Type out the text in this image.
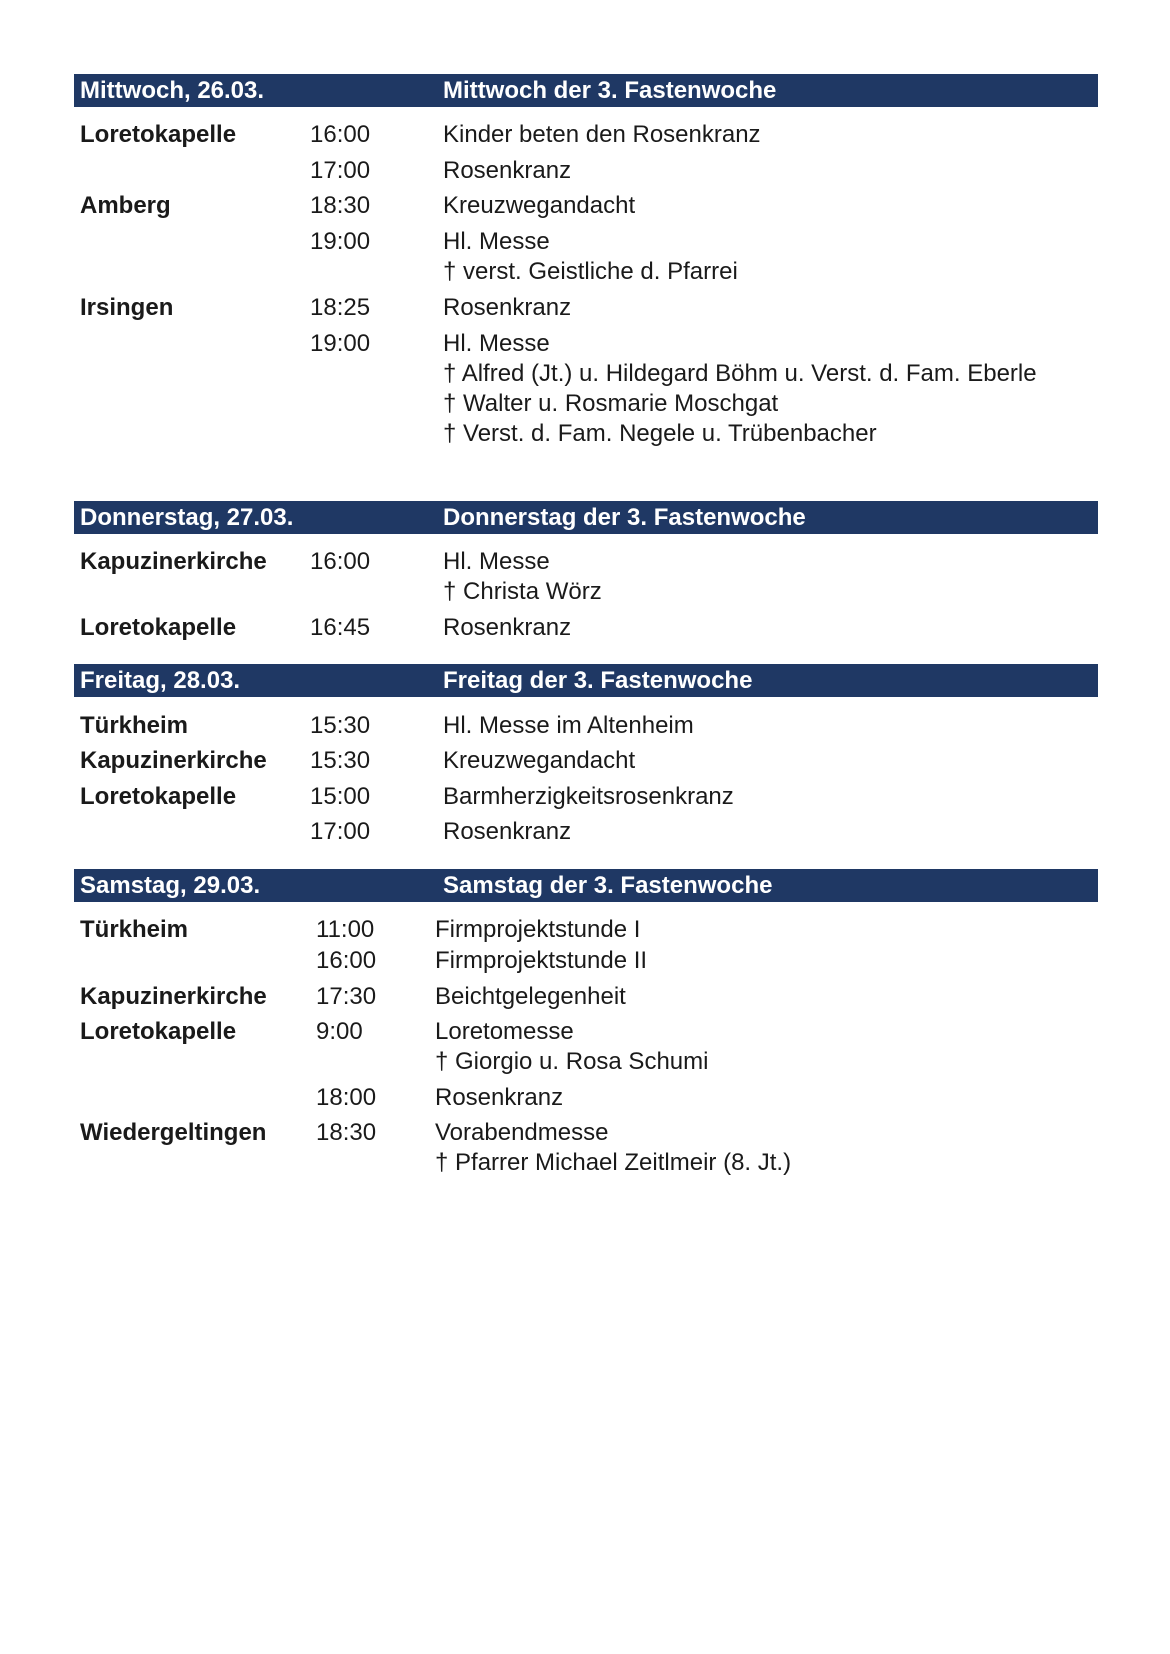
Mittwoch, 26.03.	Mittwoch der 3. Fastenwoche
Loretokapelle	16:00	Kinder beten den Rosenkranz
17:00	Rosenkranz
Amberg	18:30	Kreuzwegandacht
19:00	Hl. Messe
† verst. Geistliche d. Pfarrei
Irsingen	18:25	Rosenkranz
19:00	Hl. Messe
† Alfred (Jt.) u. Hildegard Böhm u. Verst. d. Fam. Eberle
† Walter u. Rosmarie Moschgat
† Verst. d. Fam. Negele u. Trübenbacher
Donnerstag, 27.03.	Donnerstag der 3. Fastenwoche
Kapuzinerkirche 16:00	Hl. Messe
† Christa Wörz
Loretokapelle	16:45	Rosenkranz
Freitag, 28.03.	Freitag der 3. Fastenwoche
Türkheim	15:30	Hl. Messe im Altenheim
Kapuzinerkirche 15:30	Kreuzwegandacht
Loretokapelle	15:00	Barmherzigkeitsrosenkranz
17:00	Rosenkranz
Samstag, 29.03.	Samstag der 3. Fastenwoche
Türkheim	11:00	Firmprojektstunde I
16:00 Firmprojektstunde II
Kapuzinerkirche 17:30 Beichtgelegenheit
Loretokapelle	9:00	Loretomesse
† Giorgio u. Rosa Schumi
18:00 Rosenkranz
Wiedergeltingen 18:30 Vorabendmesse
† Pfarrer Michael Zeitlmeir (8. Jt.)
